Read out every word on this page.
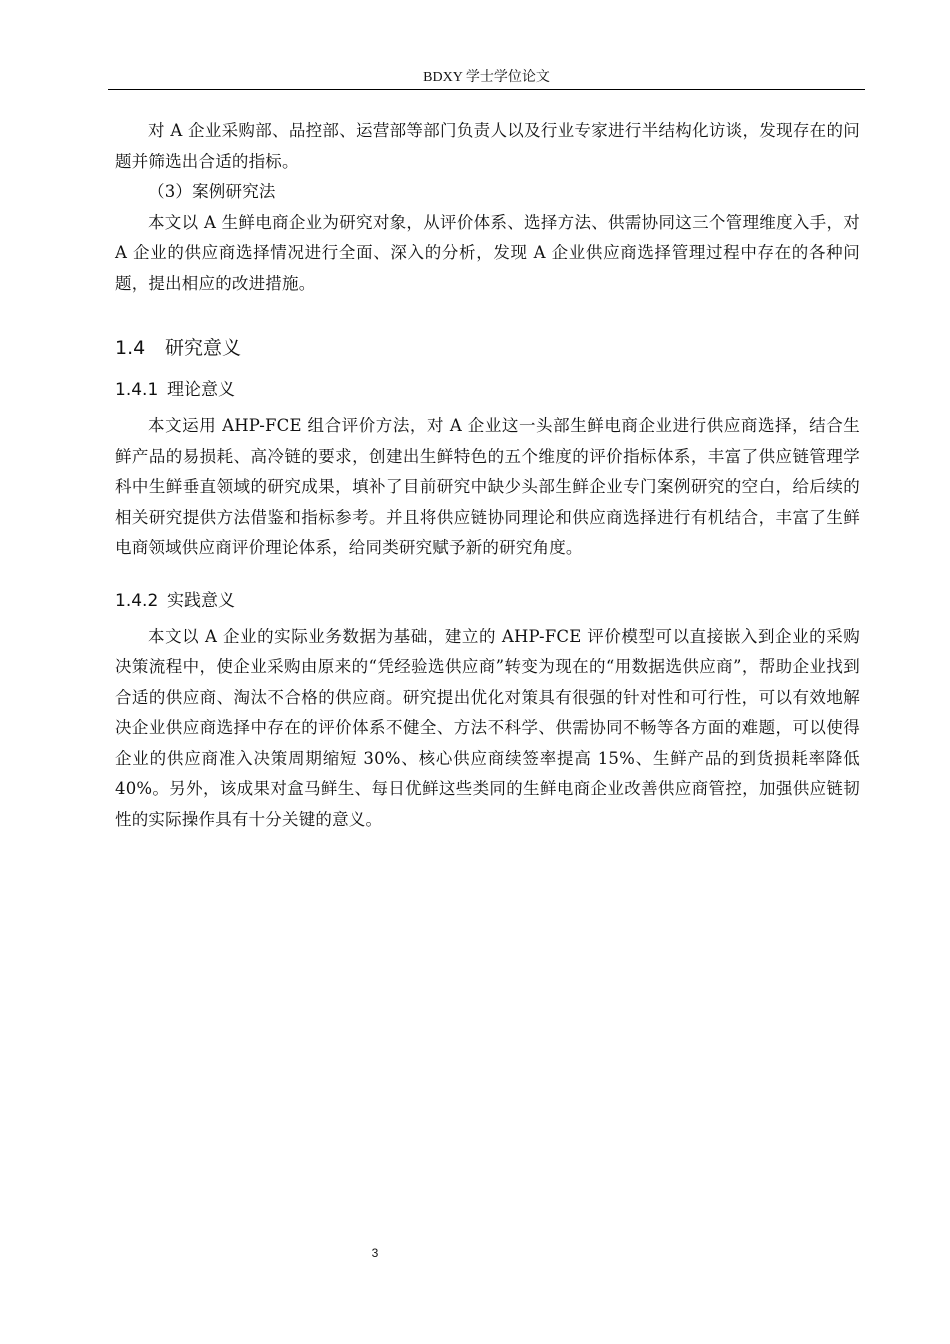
BDXY 学士学位论文

对 A 企业采购部、品控部、运营部等部门负责人以及行业专家进行半结构化访谈，发现存在的问题并筛选出合适的指标。

（3）案例研究法

本文以 A 生鲜电商企业为研究对象，从评价体系、选择方法、供需协同这三个管理维度入手，对 A 企业的供应商选择情况进行全面、深入的分析，发现 A 企业供应商选择管理过程中存在的各种问题，提出相应的改进措施。

1.4 研究意义
1.4.1 理论意义

本文运用 AHP-FCE 组合评价方法，对 A 企业这一头部生鲜电商企业进行供应商选择，结合生鲜产品的易损耗、高冷链的要求，创建出生鲜特色的五个维度的评价指标体系，丰富了供应链管理学科中生鲜垂直领域的研究成果，填补了目前研究中缺少头部生鲜企业专门案例研究的空白，给后续的相关研究提供方法借鉴和指标参考。并且将供应链协同理论和供应商选择进行有机结合，丰富了生鲜电商领域供应商评价理论体系，给同类研究赋予新的研究角度。

1.4.2 实践意义

本文以 A 企业的实际业务数据为基础，建立的 AHP-FCE 评价模型可以直接嵌入到企业的采购决策流程中，使企业采购由原来的“凭经验选供应商”转变为现在的“用数据选供应商”，帮助企业找到合适的供应商、淘汰不合格的供应商。研究提出优化对策具有很强的针对性和可行性，可以有效地解决企业供应商选择中存在的评价体系不健全、方法不科学、供需协同不畅等各方面的难题，可以使得企业的供应商准入决策周期缩短 30%、核心供应商续签率提高 15%、生鲜产品的到货损耗率降低 40%。另外，该成果对盒马鲜生、每日优鲜这些类同的生鲜电商企业改善供应商管控，加强供应链韧性的实际操作具有十分关键的意义。

3
